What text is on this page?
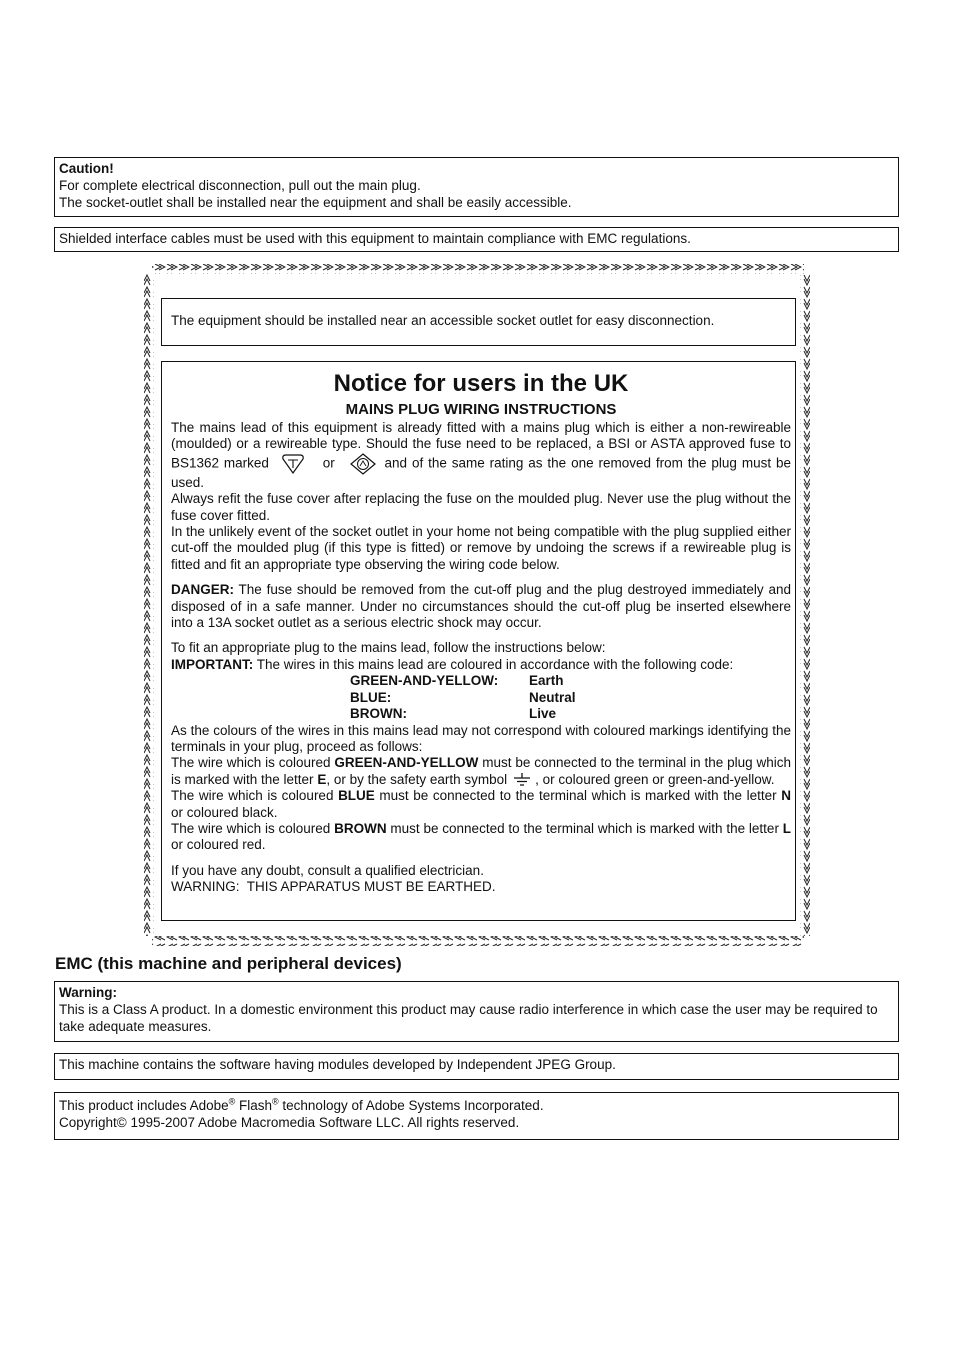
Caution!
For complete electrical disconnection, pull out the main plug.
The socket-outlet shall be installed near the equipment and shall be easily accessible.
Shielded interface cables must be used with this equipment to maintain compliance with EMC regulations.
The equipment should be installed near an accessible socket outlet for easy disconnection.
Notice for users in the UK
MAINS PLUG WIRING INSTRUCTIONS

The mains lead of this equipment is already fitted with a mains plug which is either a non-rewireable (moulded) or a rewireable type. Should the fuse need to be replaced, a BSI or ASTA approved fuse to BS1362 marked	or	and of the same rating as the one removed from the plug must be used.

Always refit the fuse cover after replacing the fuse on the moulded plug. Never use the plug without the fuse cover fitted.

In the unlikely event of the socket outlet in your home not being compatible with the plug supplied either cut-off the moulded plug (if this type is fitted) or remove by undoing the screws if a rewireable plug is fitted and fit an appropriate type observing the wiring code below.

DANGER: The fuse should be removed from the cut-off plug and the plug destroyed immediately and disposed of in a safe manner. Under no circumstances should the cut-off plug be inserted elsewhere into a 13A socket outlet as a serious electric shock may occur.

To fit an appropriate plug to the mains lead, follow the instructions below:

IMPORTANT: The wires in this mains lead are coloured in accordance with the following code:

GREEN-AND-YELLOW:	Earth
BLUE:	Neutral
BROWN:	Live

As the colours of the wires in this mains lead may not correspond with coloured markings identifying the terminals in your plug, proceed as follows:

The wire which is coloured GREEN-AND-YELLOW must be connected to the terminal in the plug which is marked with the letter E, or by the safety earth symbol , or coloured green or green-and-yellow.

The wire which is coloured BLUE must be connected to the terminal which is marked with the letter N or coloured black.

The wire which is coloured BROWN must be connected to the terminal which is marked with the letter L or coloured red.

If you have any doubt, consult a qualified electrician.

WARNING:  THIS APPARATUS MUST BE EARTHED.

EMC (this machine and peripheral devices)
Warning:
This is a Class A product. In a domestic environment this product may cause radio interference in which case the user may be required to take adequate measures.
This machine contains the software having modules developed by Independent JPEG Group.
This product includes Adobe® Flash® technology of Adobe Systems Incorporated.
Copyright© 1995-2007 Adobe Macromedia Software LLC. All rights reserved.
